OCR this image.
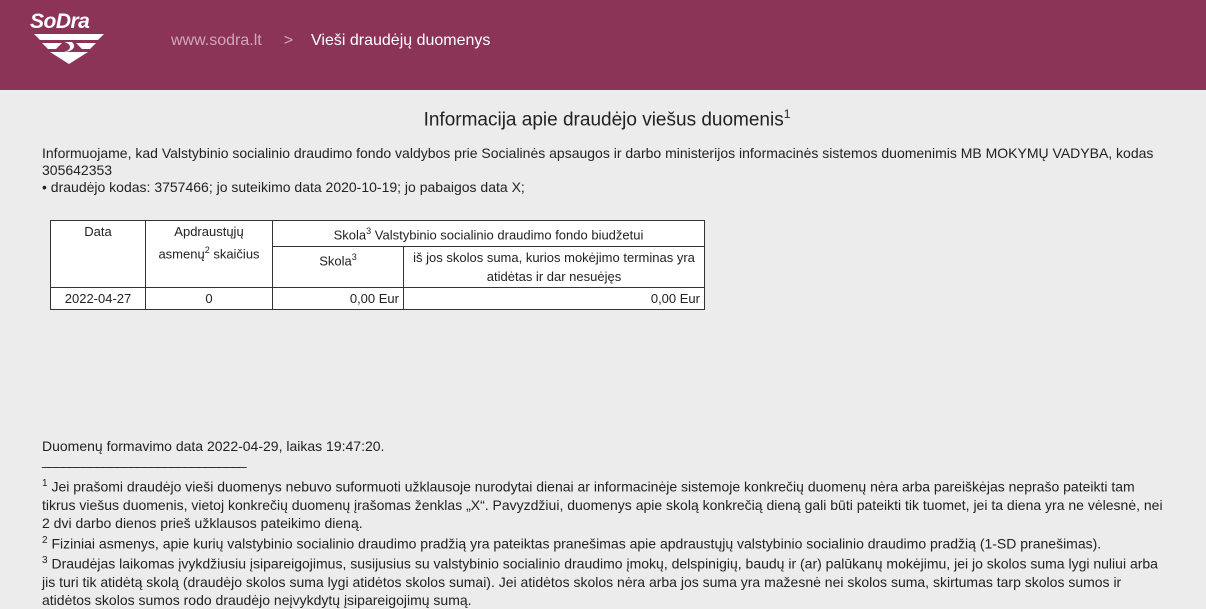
SoDra
www.sodra.lt > Vieši draudėjų duomenys
Informacija apie draudėjo viešus duomenis$^1$
Informuojame, kad Valstybinio socialinio draudimo fondo valdybos prie Socialinės apsaugos ir darbo ministerijos informacinės sistemos duomenimis MB MOKYMŲ VADYBA, kodas 305642353
• draudėjo kodas: 3757466; jo suteikimo data 2020-10-19; jo pabaigos data X;
Data	Apdraustųjų asmenų$^2$ skaičius	Skola$^3$ Valstybinio socialinio draudimo fondo biudžetui	
		Skola$^3$	iš jos skolos suma, kurios mokėjimo terminas yra atidėtas ir dar nesuėjęs
2022-04-27	0	0,00 Eur	0,00 Eur
Duomenų formavimo data 2022-04-29, laikas 19:47:20.
______________________________

$^1$ Jei prašomi draudėjo vieši duomenys nebuvo suformuoti užklausoje nurodytai dienai ar informacinėje sistemoje konkrečių duomenų nėra arba pareiškėjas neprašo pateikti tam tikrus viešus duomenis, vietoj konkrečių duomenų įrašomas ženklas „X“. Pavyzdžiui, duomenys apie skolą konkrečią dieną gali būti pateikti tik tuomet, jei ta diena yra ne vėlesnė, nei 2 dvi darbo dienos prieš užklausos pateikimo dieną.

$^2$ Fiziniai asmenys, apie kurių valstybinio socialinio draudimo pradžią yra pateiktas pranešimas apie apdraustųjų valstybinio socialinio draudimo pradžią (1-SD pranešimas).

$^3$ Draudėjas laikomas įvykdžiusiu įsipareigojimus, susijusius su valstybinio socialinio draudimo įmokų, delspinigių, baudų ir (ar) palūkanų mokėjimu, jei jo skolos suma lygi nuliui arba jis turi tik atidėtą skolą (draudėjo skolos suma lygi atidėtos skolos sumai). Jei atidėtos skolos nėra arba jos suma yra mažesnė nei skolos suma, skirtumas tarp skolos sumos ir atidėtos skolos sumos rodo draudėjo neįvykdytų įsipareigojimų sumą.
